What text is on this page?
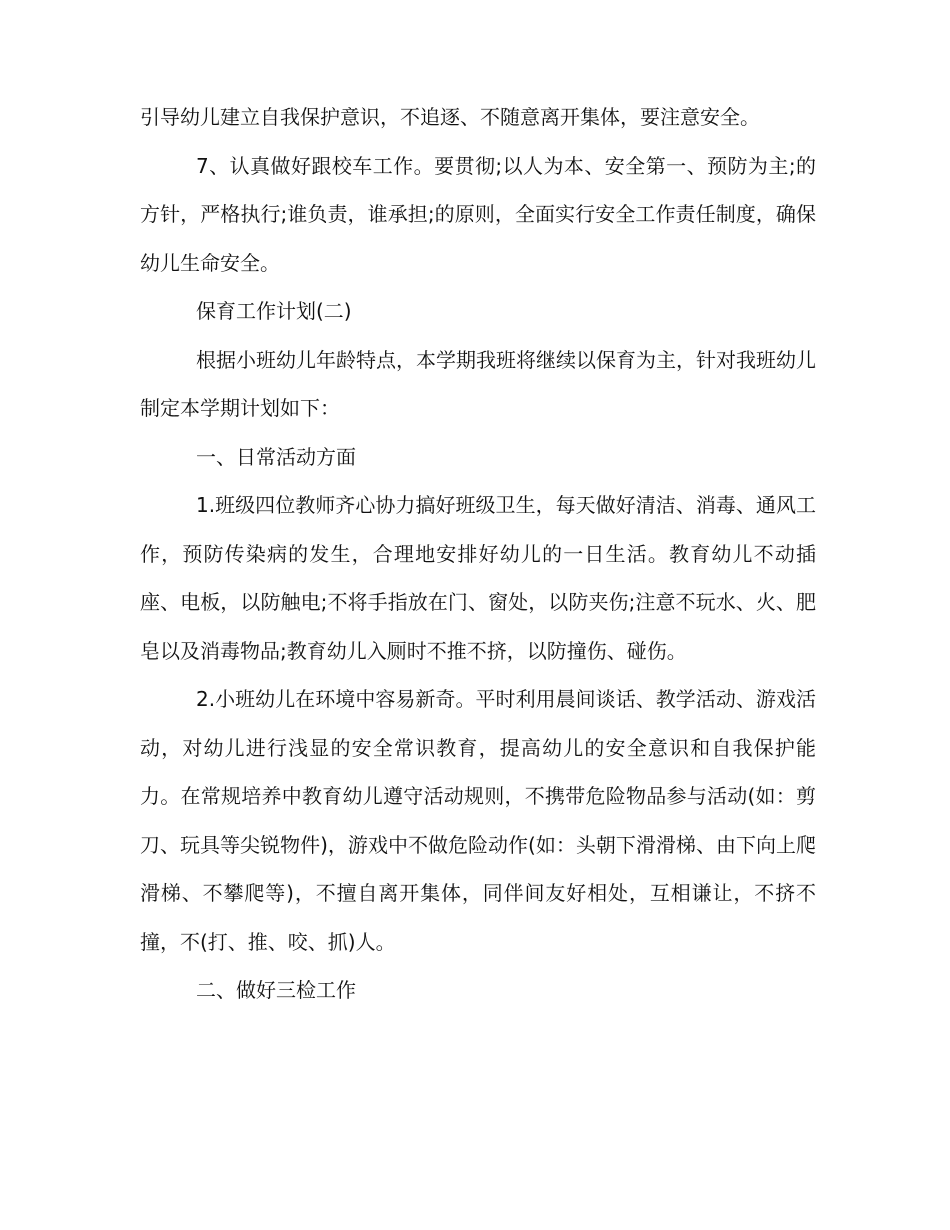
引导幼儿建立自我保护意识，不追逐、不随意离开集体，要注意安全。

7、认真做好跟校车工作。要贯彻;以人为本、安全第一、预防为主;的方针，严格执行;谁负责，谁承担;的原则，全面实行安全工作责任制度，确保幼儿生命安全。

保育工作计划(二)

根据小班幼儿年龄特点，本学期我班将继续以保育为主，针对我班幼儿制定本学期计划如下：

一、日常活动方面

1.班级四位教师齐心协力搞好班级卫生，每天做好清洁、消毒、通风工作，预防传染病的发生，合理地安排好幼儿的一日生活。教育幼儿不动插座、电板，以防触电;不将手指放在门、窗处，以防夹伤;注意不玩水、火、肥皂以及消毒物品;教育幼儿入厕时不推不挤，以防撞伤、碰伤。

2.小班幼儿在环境中容易新奇。平时利用晨间谈话、教学活动、游戏活动，对幼儿进行浅显的安全常识教育，提高幼儿的安全意识和自我保护能力。在常规培养中教育幼儿遵守活动规则，不携带危险物品参与活动(如：剪刀、玩具等尖锐物件)，游戏中不做危险动作(如：头朝下滑滑梯、由下向上爬滑梯、不攀爬等)，不擅自离开集体，同伴间友好相处，互相谦让，不挤不撞，不(打、推、咬、抓)人。

二、做好三检工作
